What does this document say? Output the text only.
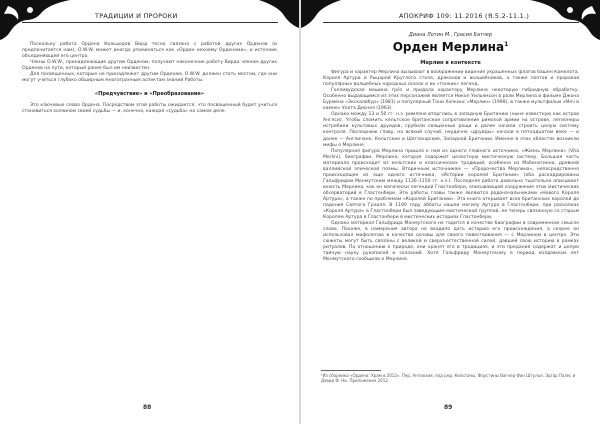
ТРАДИЦИИ И ПРОРОКИ

Поскольку работа Ордена Кольцедев Вирд тесно связана с работой других Орденов (и предпочитается нам), О.W.W. может иногда упоминаться как «Орден некоему Орденами», и источник объединяющей его центра.

Члены О.W.W., принадлежащие другим Орденам, получают наконечник работу Вирда членам других Орденов на пути, который ранее был им неизвестен.

Для посвященных, которые не принадлежат другим Орденам, О.W.W. должен стать местом, где они могут учиться глубоко обширным многогранным аспектам знаний Работы.

«Предчувствие» и «Преобразование»

Это ключевые слова Ордена. Посредством этой работы ожидается, что посвященный будет учиться становиться хозяином своей судьбы — и, конечно, каждая «судьба» на самом деле.

88
АПОКРИФ 109: 11.2016 (Я.5.2-11.1.)
Диана Лотин М., Грасия Батчер
Орден Мерлина$^1$
Мерлин в контексте

Фигура и характер Мерлина вызывают в воображении видения украшенных флагов башен Камелота, Короля Артура и Рыцарей Круглого стола, драконов и волшебников, а также поэтов и пророков популярных волшебных народных сказок и их «тонких» легенд.

Голливудская машина грёз и придала характеру Мерлина некоторую гибридную обработку. Особенно выдающимся из этих персонажей является Никол Уильямсон в роли Мерлина в фильме Джона Бурмена «Экскалибур» (1981) и популярный Тони Хопкинс «Мерлин» (1998), в также мультфильм «Меч в камне» Уолта Диснея (1963).

Однако между 13 и 50 гг. н.э. римляне вторглись в западную Британию (ныне известную как остров Англси). Чтобы сломить кельтское британское сопротивление римской армии на острове, легионеры истребили культовых друидов, срубили священные рощи и далее начали строить целую систему контроля. Последнюю главу, на всякий случай, неудачно «друиды» начали в пятнадцатом веке — и далее — Англичане, Кельтские и Шотландские, Западной Британии. Именно в этих областях возникли мифы о Мерлине.

Популярная фигура Мерлина пришла к нам из одного главного источника, «Жизнь Мерлина» (Vita Merlini), биографии, Мерлина, которая содержит целостную мистическую систему. Большая часть материала происходит из кельтских и классических традиций, особенно из Мабиногиона, древней валлийской эпической поэмы. Вторичным источником — «Пророчества Мерлина», непосредственно происходящее из еще одного источника, «Истории королей Британии» (оба раскадрированы Гальфридом Монмутским между 1136–1150 гг. н.э.). Последняя работа довольно тщательно описывает юность Мерлина, как он магически легендой Гластонбери, описывающей сооружение этих мистических обсерваторий в Гластонбери. Эти работы главы также являются родоначальниками «Нового Короля Артура», а также по проблемам «Королей Британии». Эта книга открывает всех британских королей до падения Святого Грааля. В 1190 году аббаты нашли могилу Артура в Гластонбери, при раскопках «Короля Артура» в Гластонбери был заведующим мистической группой, ее теперь связанную со старым Королем Артура в Гластонбери в мистических историях Гластонбери.

Однако материал Гальфрида Монмутского не годится в качестве биографии в современном смысле слова. Похоже, в намерения автора не входило дать историю его происхождения, а скорее он использовал мифологию в качестве основы для своего повествования — с Мерлином в центре. Эти сюжеты могут быть связаны с великой и сверхъестественной силой, давшей свою историю в рамках ритуалов. По отношению к природе, они хранят его в традициях, и эти предания содержат и целую тайную науку рукописей и сказаний. Хотя Гальфриду Монмутскому в период колдовских лет Монмутского сообщили о Мерлине.

¹Из сборника «Ордена: Храм в 2012». Пер. Антиохия, под ред. Кельтаны, Фаустины Вагнер Фон Штулье, Эдгар Палм; и Дэвид Ф. Ни. Приложение 2012.
89
